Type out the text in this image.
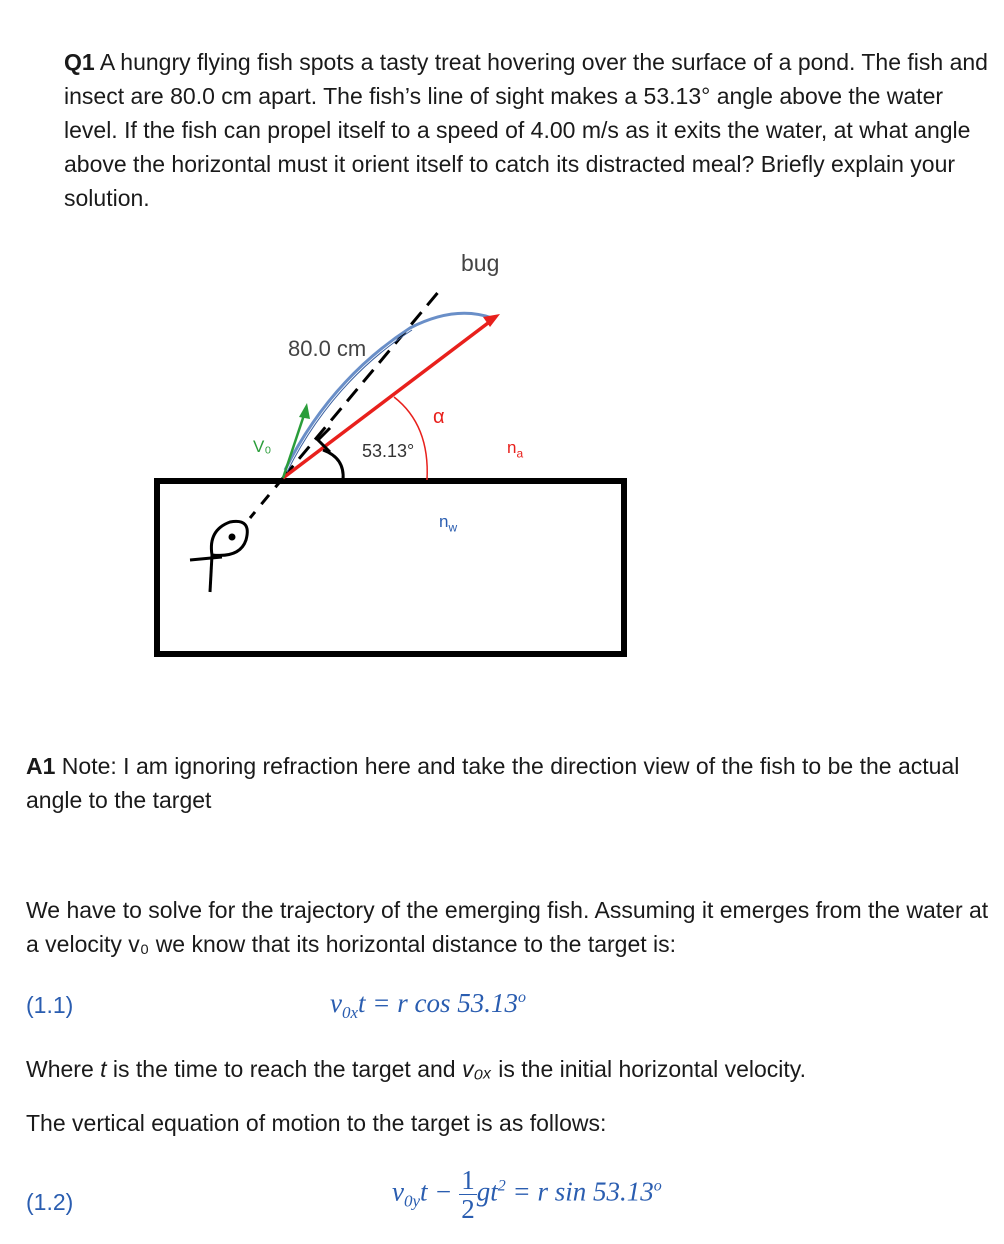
Q1 A hungry flying fish spots a tasty treat hovering over the surface of a pond. The fish and insect are 80.0 cm apart. The fish’s line of sight makes a 53.13° angle above the water level. If the fish can propel itself to a speed of 4.00 m/s as it exits the water, at what angle above the horizontal must it orient itself to catch its distracted meal? Briefly explain your solution.
bug
80.0 cm
α
V₀	53.13°	$n_a$
$n_w$
A1 Note: I am ignoring refraction here and take the direction view of the fish to be the actual angle to the target
We have to solve for the trajectory of the emerging fish. Assuming it emerges from the water at a velocity v₀ we know that its horizontal distance to the target is:
(1.1)	$v_{0x}t = r$ cos 53.13$^o$
Where t is the time to reach the target and v₀ₓ is the initial horizontal velocity.
The vertical equation of motion to the target is as follows:
(1.2)	$v_{0y}t - \frac{1}{2} gt^2 = r$ sin 53.13$^o$
